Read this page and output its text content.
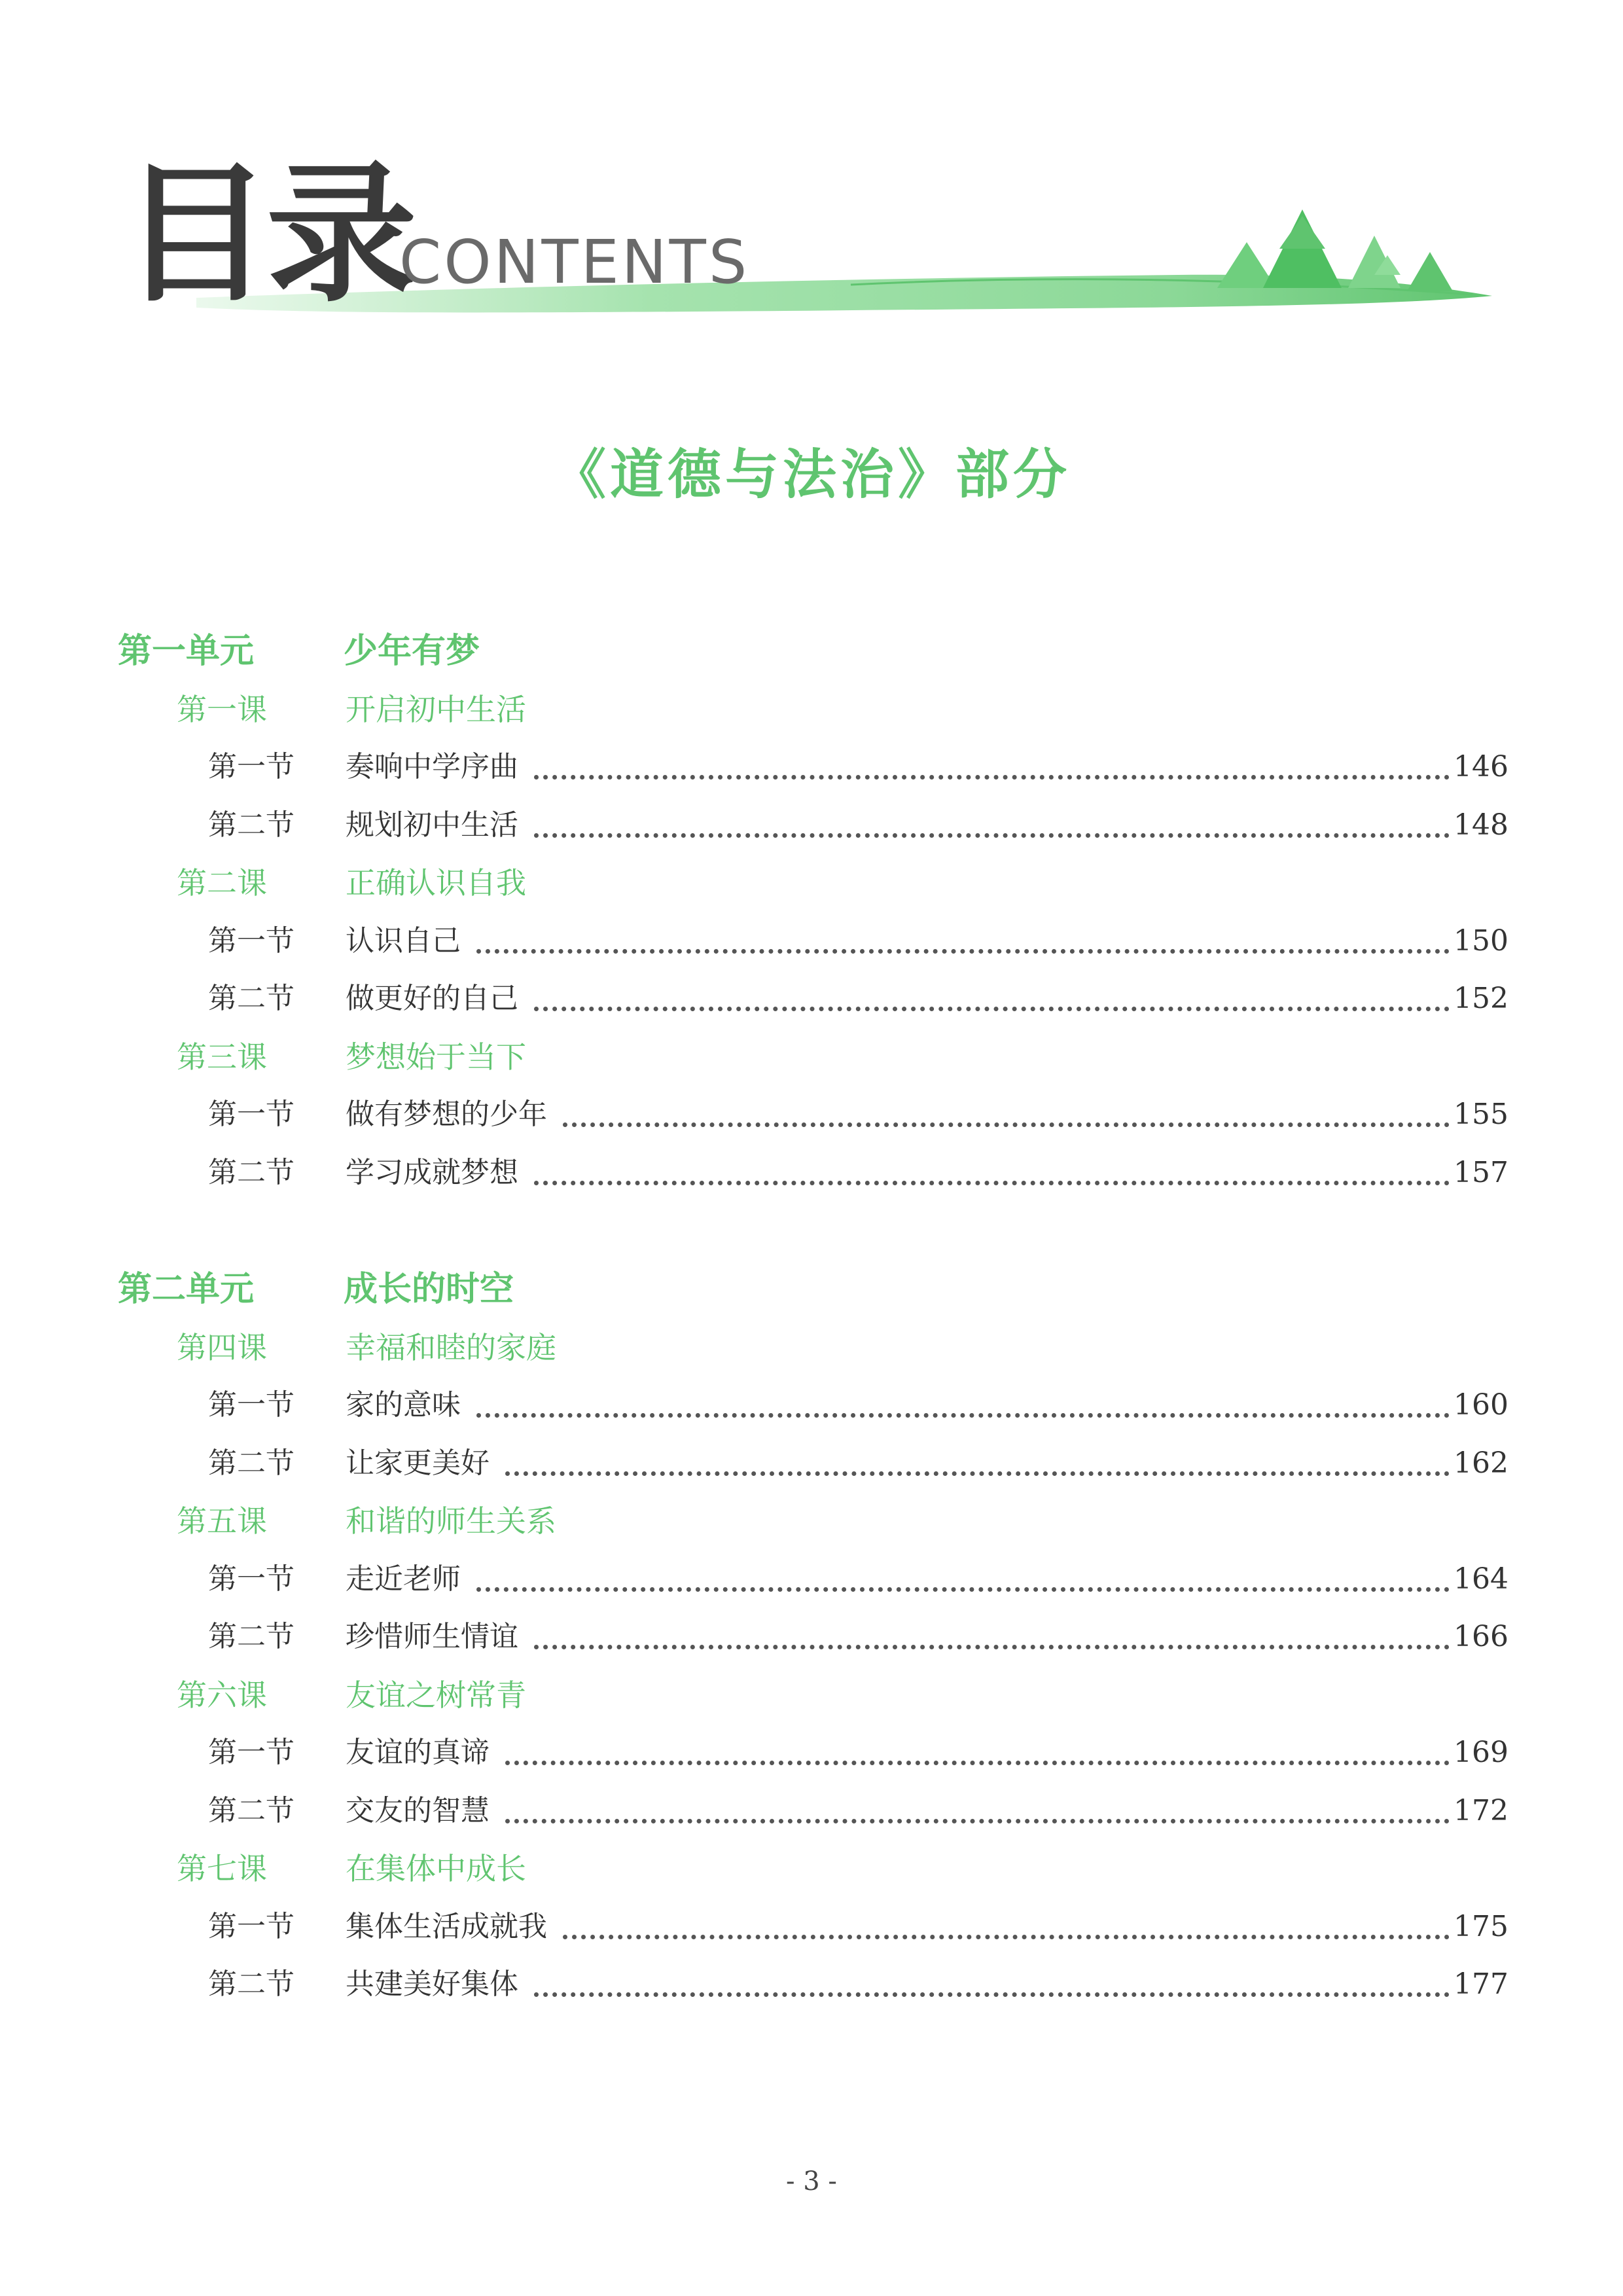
目录
CONTENTS
《道德与法治》部分
第一单元	少年有梦
第一课	开启初中生活
第一节 奏响中学序曲	146
第二节 规划初中生活	148
第二课	正确认识自我
第一节 认识自己	150
第二节 做更好的自己	152
第三课	梦想始于当下
第一节 做有梦想的少年	155
第二节 学习成就梦想	157
第二单元	成长的时空
第四课	幸福和睦的家庭
第一节 家的意味	160
第二节 让家更美好	162
第五课	和谐的师生关系
第一节 走近老师	164
第二节 珍惜师生情谊	166
第六课	友谊之树常青
第一节 友谊的真谛	169
第二节 交友的智慧	172
第七课	在集体中成长
第一节 集体生活成就我	175
第二节 共建美好集体	177
- 3 -
